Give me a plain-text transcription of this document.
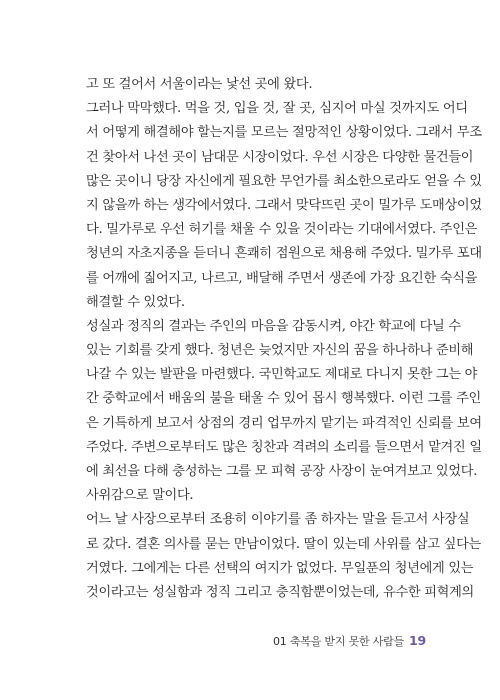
고 또 걸어서 서울이라는 낯선 곳에 왔다.
그러나 막막했다. 먹을 것, 입을 것, 잘 곳, 심지어 마실 것까지도 어디
서 어떻게 해결해야 할는지를 모르는 절망적인 상황이었다. 그래서 무조
건 찾아서 나선 곳이 남대문 시장이었다. 우선 시장은 다양한 물건들이
많은 곳이니 당장 자신에게 필요한 무언가를 최소한으로라도 얻을 수 있
지 않을까 하는 생각에서였다. 그래서 맞닥뜨린 곳이 밀가루 도매상이었
다. 밀가루로 우선 허기를 채울 수 있을 것이라는 기대에서였다. 주인은
청년의 자초지종을 듣더니 흔쾌히 점원으로 채용해 주었다. 밀가루 포대
를 어깨에 짊어지고, 나르고, 배달해 주면서 생존에 가장 요긴한 숙식을
해결할 수 있었다.
성실과 정직의 결과는 주인의 마음을 감동시켜, 야간 학교에 다닐 수
있는 기회를 갖게 했다. 청년은 늦었지만 자신의 꿈을 하나하나 준비해
나갈 수 있는 발판을 마련했다. 국민학교도 제대로 다니지 못한 그는 야
간 중학교에서 배움의 불을 태울 수 있어 몹시 행복했다. 이런 그를 주인
은 기특하게 보고서 상점의 경리 업무까지 맡기는 파격적인 신뢰를 보여
주었다. 주변으로부터도 많은 칭찬과 격려의 소리를 들으면서 맡겨진 일
에 최선을 다해 충성하는 그를 모 피혁 공장 사장이 눈여겨보고 있었다.
사위감으로 말이다.
어느 날 사장으로부터 조용히 이야기를 좀 하자는 말을 듣고서 사장실
로 갔다. 결혼 의사를 묻는 만남이었다. 딸이 있는데 사위를 삼고 싶다는
거였다. 그에게는 다른 선택의 여지가 없었다. 무일푼의 청년에게 있는
것이라고는 성실함과 정직 그리고 충직함뿐이었는데, 유수한 피혁계의
01 축복을 받지 못한 사람들 19
